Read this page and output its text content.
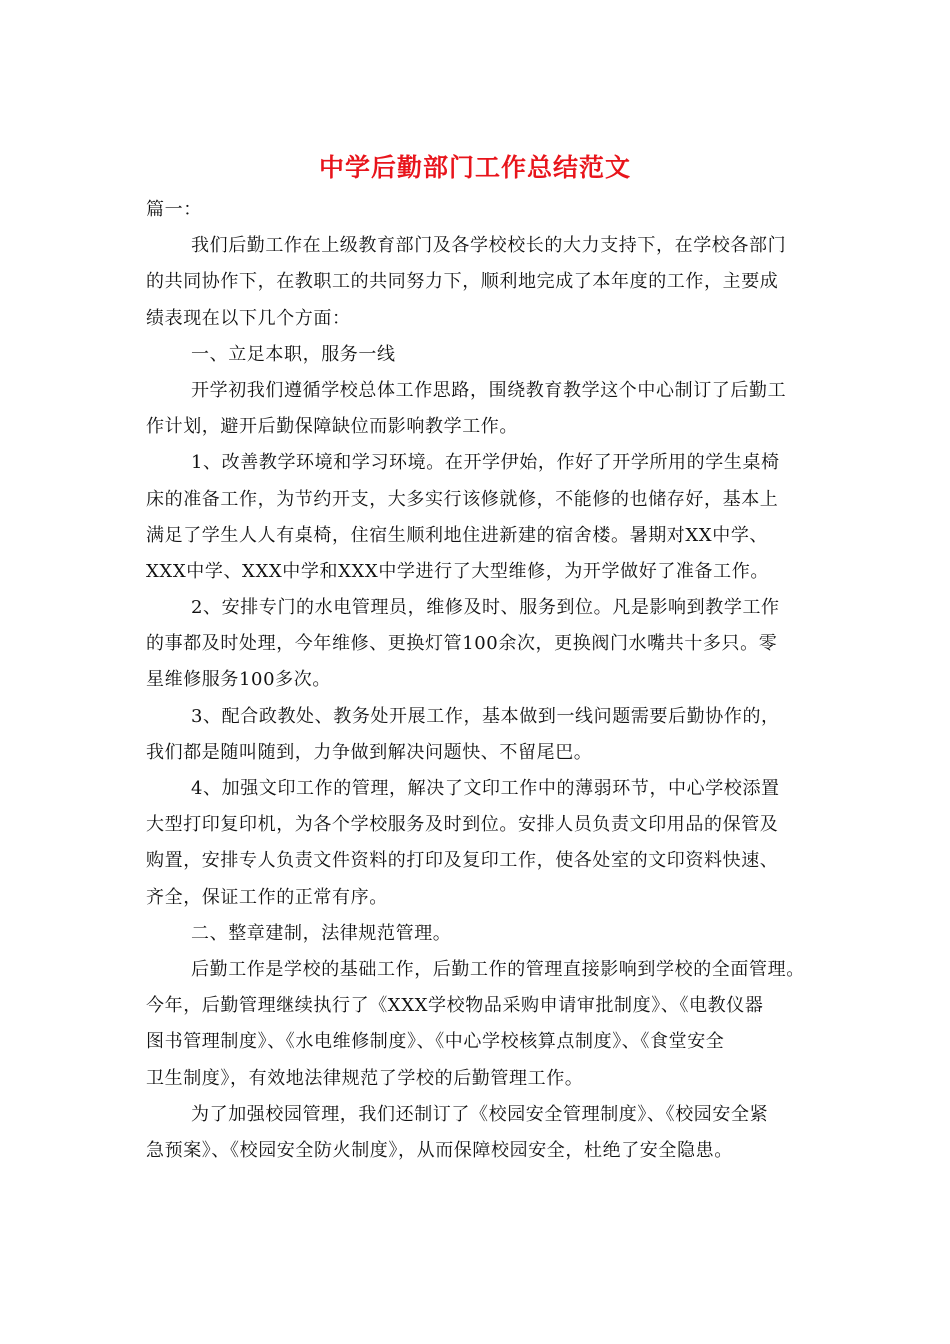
中学后勤部门工作总结范文
篇一：
我们后勤工作在上级教育部门及各学校校长的大力支持下，在学校各部门
的共同协作下，在教职工的共同努力下，顺利地完成了本年度的工作，主要成
绩表现在以下几个方面：
一、立足本职，服务一线
开学初我们遵循学校总体工作思路，围绕教育教学这个中心制订了后勤工
作计划，避开后勤保障缺位而影响教学工作。
1、改善教学环境和学习环境。在开学伊始，作好了开学所用的学生桌椅
床的准备工作，为节约开支，大多实行该修就修，不能修的也储存好，基本上
满足了学生人人有桌椅，住宿生顺利地住进新建的宿舍楼。暑期对XX中学、
XXX中学、XXX中学和XXX中学进行了大型维修，为开学做好了准备工作。
2、安排专门的水电管理员，维修及时、服务到位。凡是影响到教学工作
的事都及时处理，今年维修、更换灯管100余次，更换阀门水嘴共十多只。零
星维修服务100多次。
3、配合政教处、教务处开展工作，基本做到一线问题需要后勤协作的，
我们都是随叫随到，力争做到解决问题快、不留尾巴。
4、加强文印工作的管理，解决了文印工作中的薄弱环节，中心学校添置
大型打印复印机，为各个学校服务及时到位。安排人员负责文印用品的保管及
购置，安排专人负责文件资料的打印及复印工作，使各处室的文印资料快速、
齐全，保证工作的正常有序。
二、整章建制，法律规范管理。
后勤工作是学校的基础工作，后勤工作的管理直接影响到学校的全面管理。
今年，后勤管理继续执行了《XXX学校物品采购申请审批制度》、《电教仪器
图书管理制度》、《水电维修制度》、《中心学校核算点制度》、《食堂安全
卫生制度》，有效地法律规范了学校的后勤管理工作。
为了加强校园管理，我们还制订了《校园安全管理制度》、《校园安全紧
急预案》、《校园安全防火制度》，从而保障校园安全，杜绝了安全隐患。
